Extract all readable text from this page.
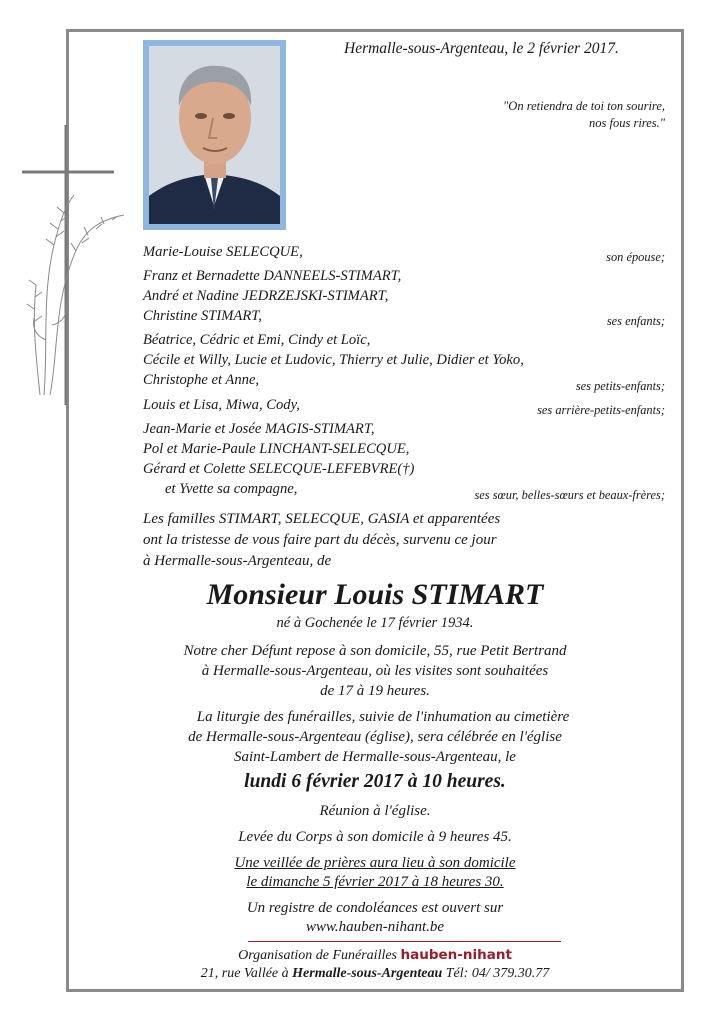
Hermalle-sous-Argenteau, le 2 février 2017.
"On retiendra de toi ton sourire,
nos fous rires."
Marie-Louise SELECQUE,
Franz et Bernadette DANNEELS-STIMART,
André et Nadine JEDRZEJSKI-STIMART,
Christine STIMART,
Béatrice, Cédric et Emi, Cindy et Loïc,
Cécile et Willy, Lucie et Ludovic, Thierry et Julie, Didier et Yoko,
Christophe et Anne,
Louis et Lisa, Miwa, Cody,
Jean-Marie et Josée MAGIS-STIMART,
Pol et Marie-Paule LINCHANT-SELECQUE,
Gérard et Colette SELECQUE-LEFEBVRE(†)
et Yvette sa compagne,
son épouse;
ses enfants;
ses petits-enfants;
ses arrière-petits-enfants;
ses sœur, belles-sœurs et beaux-frères;
Les familles STIMART, SELECQUE, GASIA et apparentées
ont la tristesse de vous faire part du décès, survenu ce jour
à Hermalle-sous-Argenteau, de
Monsieur Louis STIMART
né à Gochenée le 17 février 1934.
Notre cher Défunt repose à son domicile, 55, rue Petit Bertrand
à Hermalle-sous-Argenteau, où les visites sont souhaitées
de 17 à 19 heures.
La liturgie des funérailles, suivie de l'inhumation au cimetière
de Hermalle-sous-Argenteau (église), sera célébrée en l'église
Saint-Lambert de Hermalle-sous-Argenteau, le
lundi 6 février 2017 à 10 heures.
Réunion à l'église.
Levée du Corps à son domicile à 9 heures 45.
Une veillée de prières aura lieu à son domicile
le dimanche 5 février 2017 à 18 heures 30.
Un registre de condoléances est ouvert sur
www.hauben-nihant.be
Organisation de Funérailles hauben-nihant
21, rue Vallée à Hermalle-sous-Argenteau Tél: 04/ 379.30.77
